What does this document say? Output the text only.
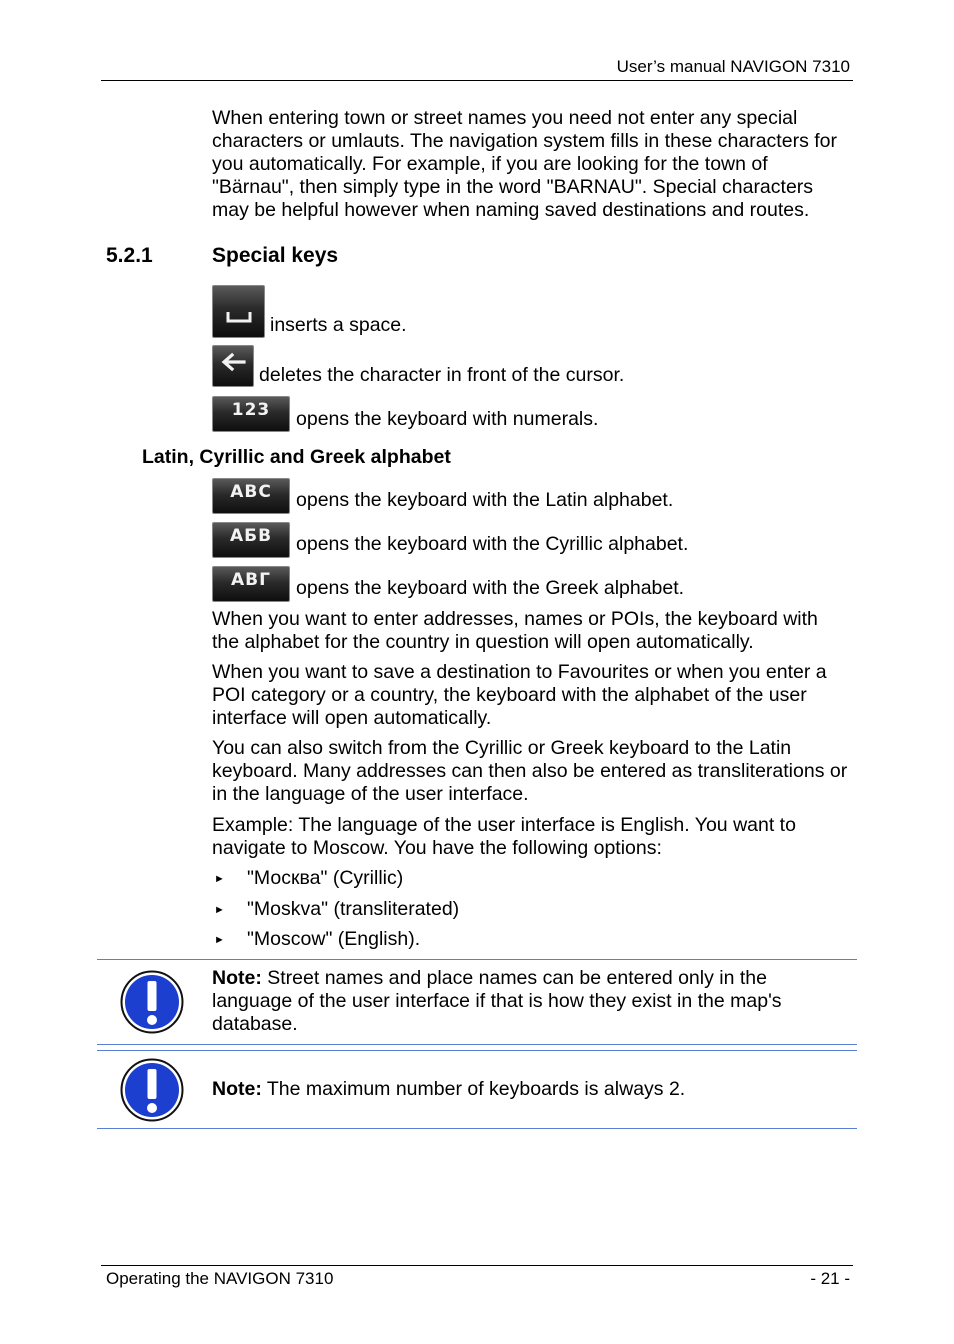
User’s manual NAVIGON 7310
When entering town or street names you need not enter any special characters or umlauts. The navigation system fills in these characters for you automatically. For example, if you are looking for the town of "Bärnau", then simply type in the word "BARNAU". Special characters may be helpful however when naming saved destinations and routes.
5.2.1	Special keys
inserts a space.
deletes the character in front of the cursor.
123 opens the keyboard with numerals.
Latin, Cyrillic and Greek alphabet
ABC opens the keyboard with the Latin alphabet.
АБВ opens the keyboard with the Cyrillic alphabet.
ΑΒΓ opens the keyboard with the Greek alphabet.
When you want to enter addresses, names or POIs, the keyboard with the alphabet for the country in question will open automatically.
When you want to save a destination to Favourites or when you enter a POI category or a country, the keyboard with the alphabet of the user interface will open automatically.
You can also switch from the Cyrillic or Greek keyboard to the Latin keyboard. Many addresses can then also be entered as transliterations or in the language of the user interface.
Example: The language of the user interface is English. You want to navigate to Moscow. You have the following options:
► "Москва" (Cyrillic)
► "Moskva" (transliterated)
► "Moscow" (English).
Note: Street names and place names can be entered only in the language of the user interface if that is how they exist in the map's database.
Note: The maximum number of keyboards is always 2.
Operating the NAVIGON 7310	- 21 -
